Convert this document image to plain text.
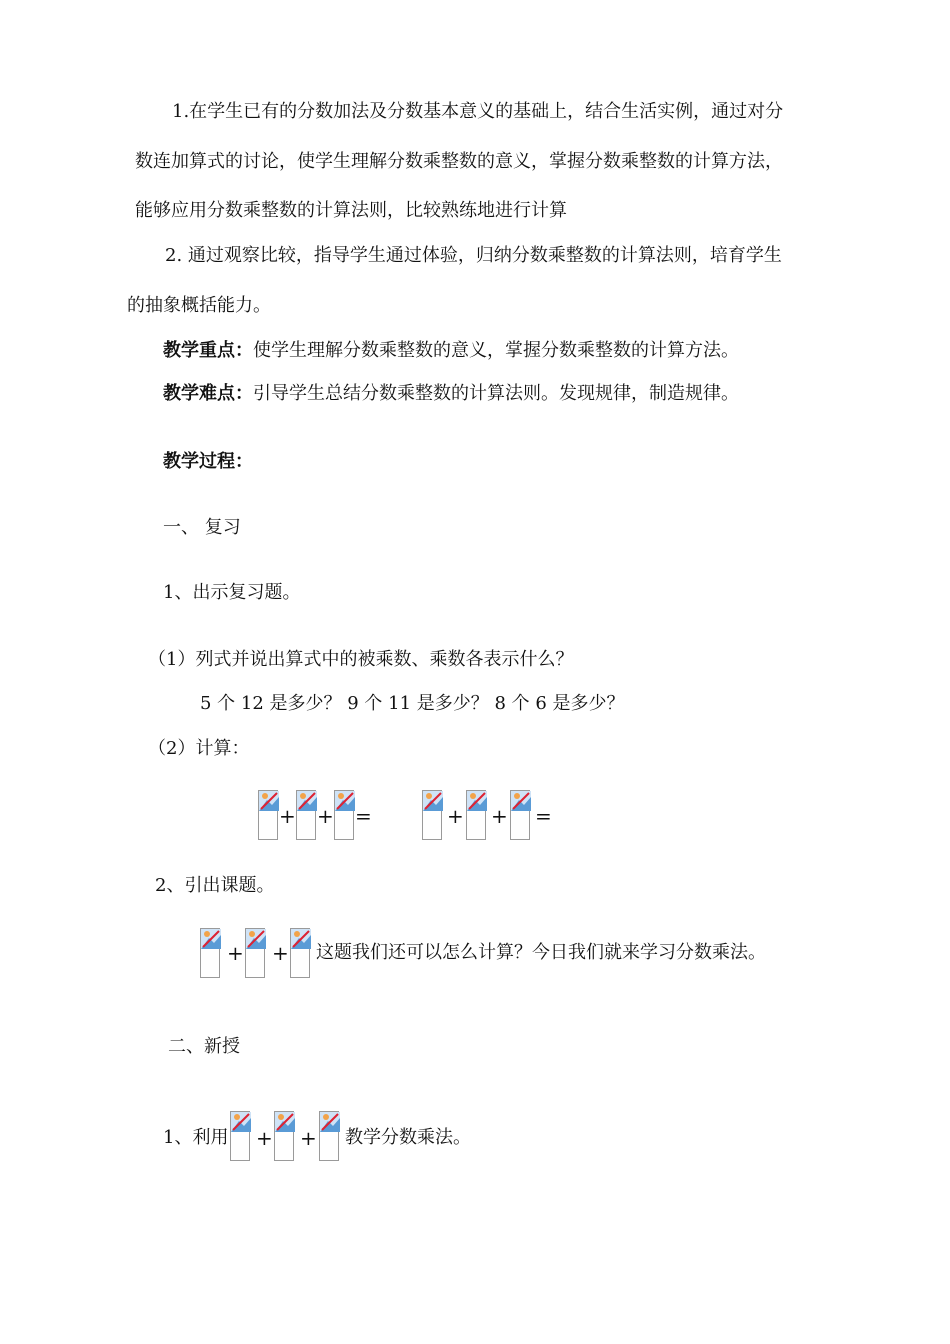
1.在学生已有的分数加法及分数基本意义的基础上，结合生活实例，通过对分
数连加算式的讨论，使学生理解分数乘整数的意义，掌握分数乘整数的计算方法，
能够应用分数乘整数的计算法则，比较熟练地进行计算
2. 通过观察比较，指导学生通过体验，归纳分数乘整数的计算法则，培育学生
的抽象概括能力。
教学重点：使学生理解分数乘整数的意义，掌握分数乘整数的计算方法。
教学难点：引导学生总结分数乘整数的计算法则。发现规律，制造规律。
教学过程：
一、 复习
1、出示复习题。
（1）列式并说出算式中的被乘数、乘数各表示什么？
5 个 12 是多少？ 9 个 11 是多少？ 8 个 6 是多少？
（2）计算：
+ + =	+ + =
2、引出课题。
+ + 这题我们还可以怎么计算？今日我们就来学习分数乘法。
二、新授
1、利用 + + 教学分数乘法。
